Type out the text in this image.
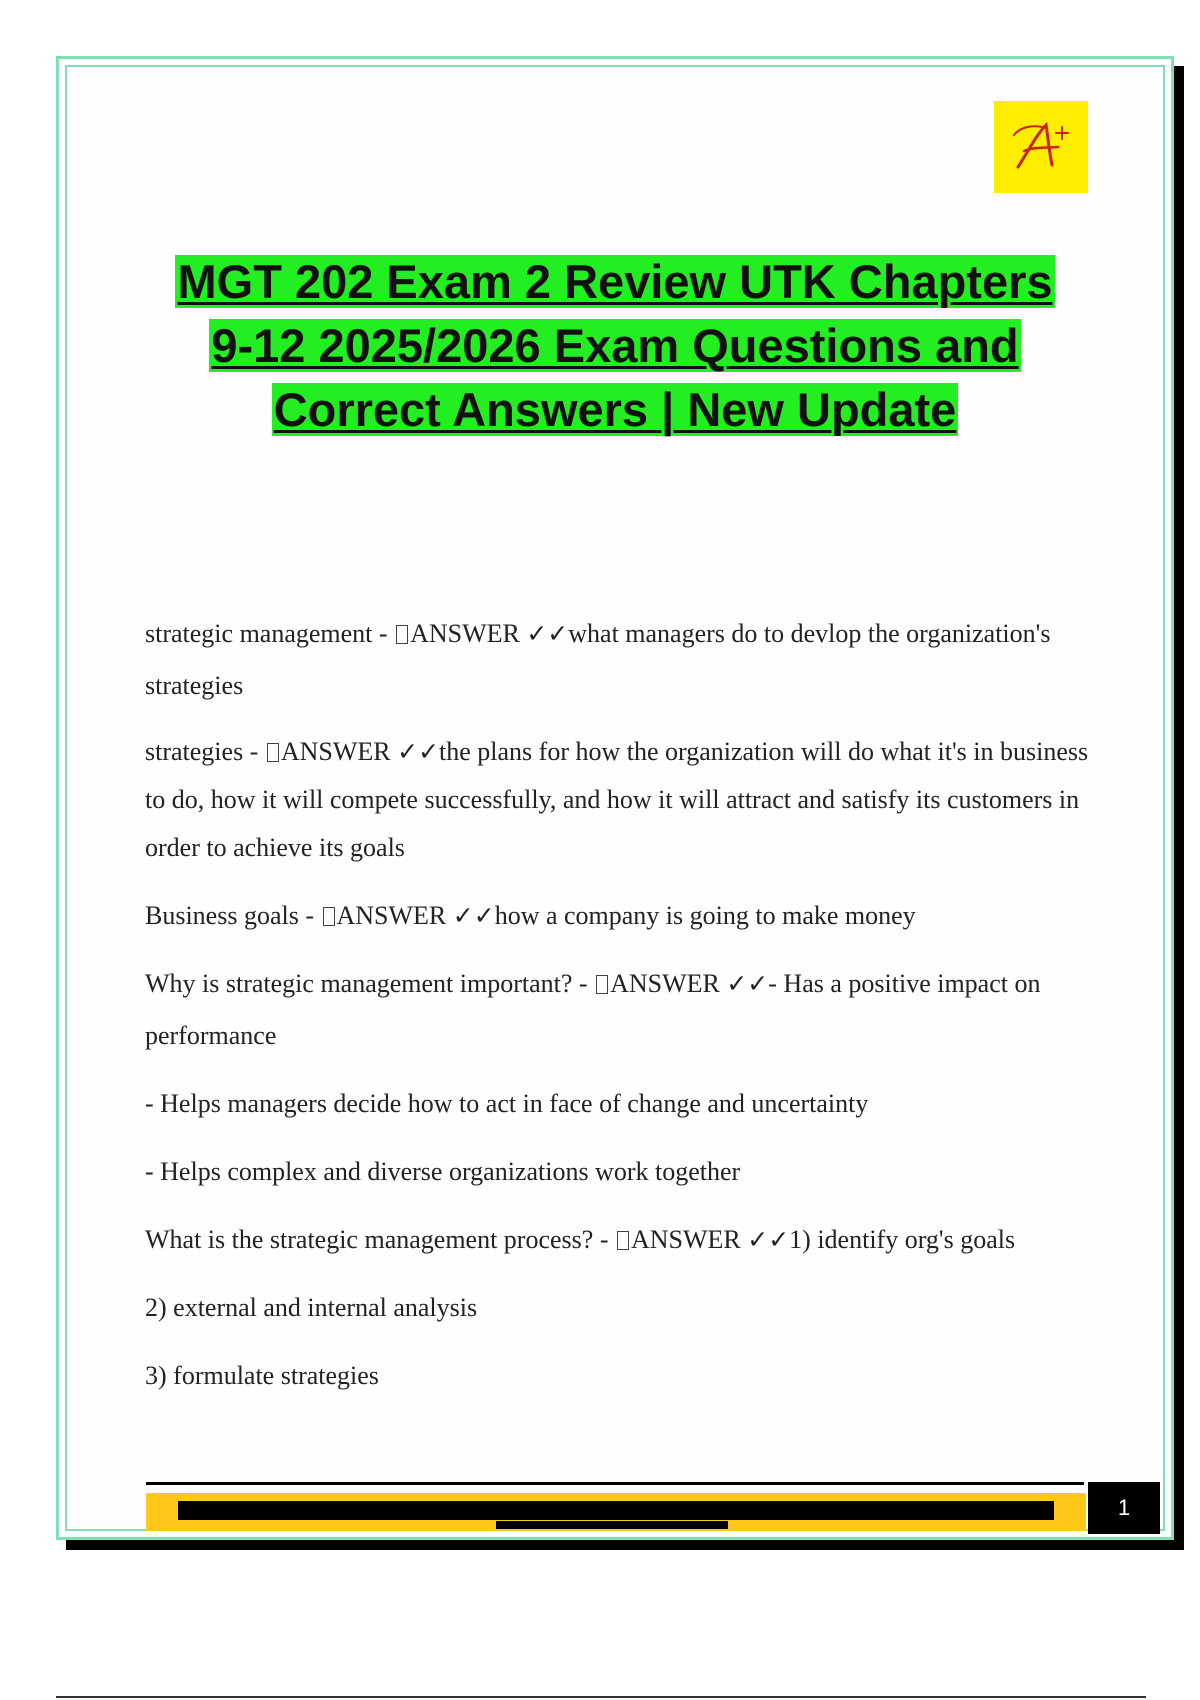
MGT 202 Exam 2 Review UTK Chapters
9-12 2025/2026 Exam Questions and
Correct Answers | New Update

strategic management - ANSWER ✓✓what managers do to devlop the organization's strategies

strategies - ANSWER ✓✓the plans for how the organization will do what it's in business to do, how it will compete successfully, and how it will attract and satisfy its customers in order to achieve its goals

Business goals - ANSWER ✓✓how a company is going to make money

Why is strategic management important? - ANSWER ✓✓- Has a positive impact on performance

- Helps managers decide how to act in face of change and uncertainty

- Helps complex and diverse organizations work together

What is the strategic management process? - ANSWER ✓✓1) identify org's goals

2) external and internal analysis

3) formulate strategies

1
